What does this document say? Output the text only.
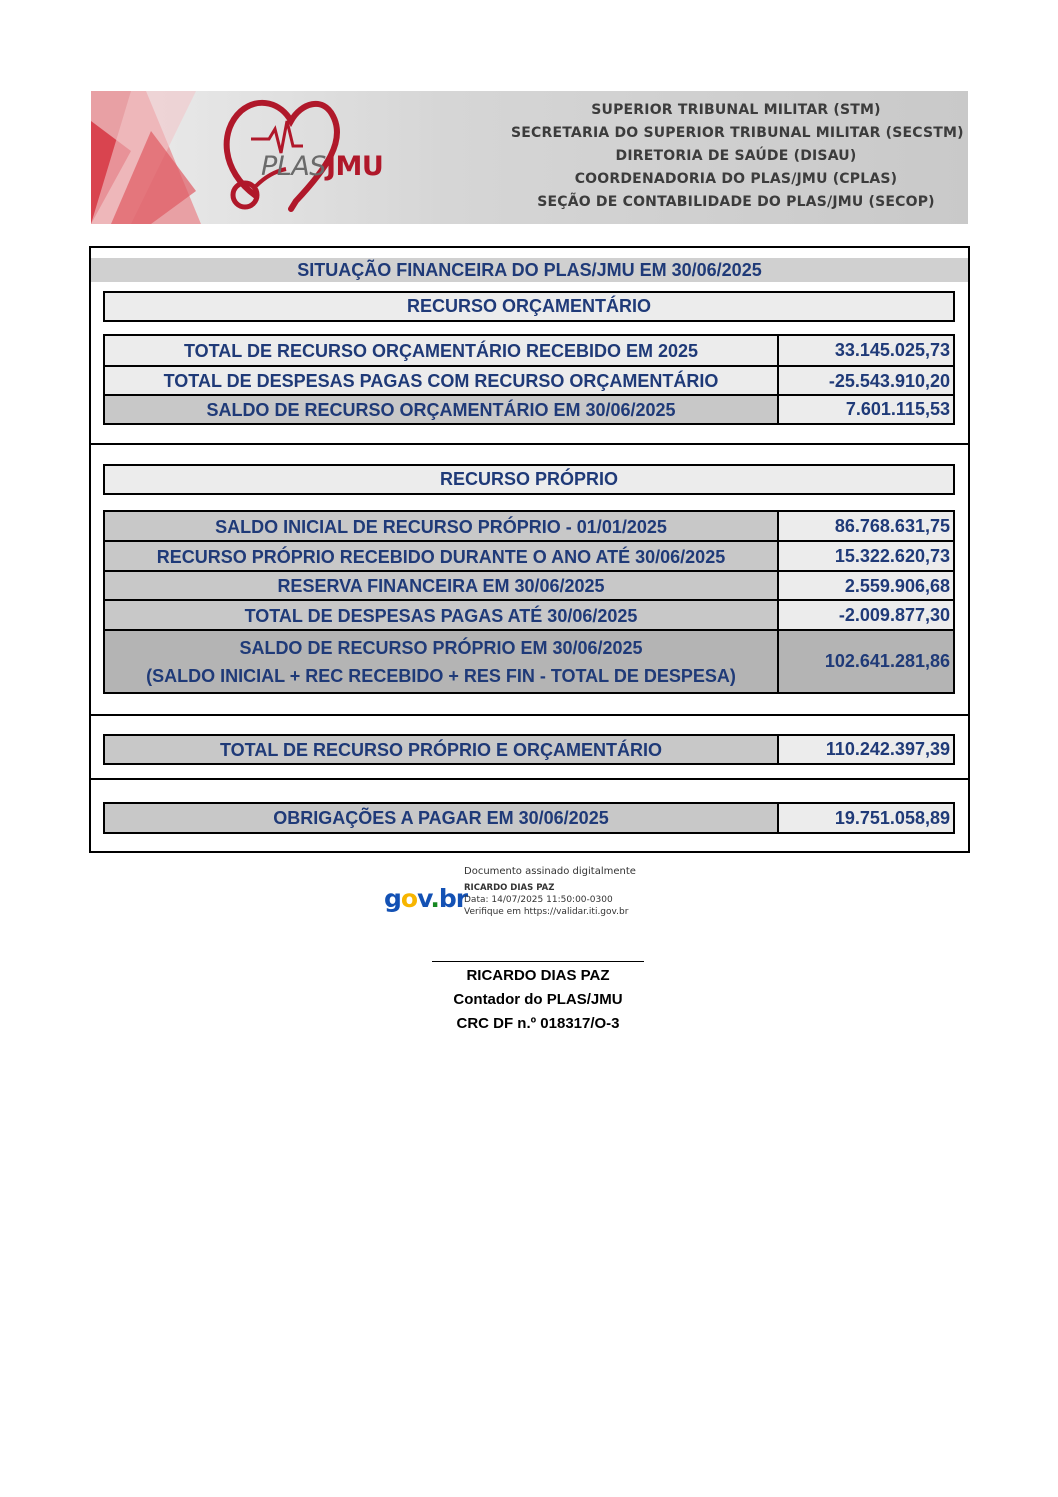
PLASJMU
SUPERIOR TRIBUNAL MILITAR (STM)
SECRETARIA DO SUPERIOR TRIBUNAL MILITAR (SECSTM)
DIRETORIA DE SAÚDE (DISAU)
COORDENADORIA DO PLAS/JMU (CPLAS)
SEÇÃO DE CONTABILIDADE DO PLAS/JMU (SECOP)
SITUAÇÃO FINANCEIRA DO PLAS/JMU EM 30/06/2025
RECURSO ORÇAMENTÁRIO
TOTAL DE RECURSO ORÇAMENTÁRIO RECEBIDO EM 2025	33.145.025,73
TOTAL DE DESPESAS PAGAS COM RECURSO ORÇAMENTÁRIO	-25.543.910,20
SALDO DE RECURSO ORÇAMENTÁRIO EM 30/06/2025	7.601.115,53
RECURSO PRÓPRIO
SALDO INICIAL DE RECURSO PRÓPRIO - 01/01/2025	86.768.631,75
RECURSO PRÓPRIO RECEBIDO DURANTE O ANO ATÉ 30/06/2025	15.322.620,73
RESERVA FINANCEIRA EM 30/06/2025	2.559.906,68
TOTAL DE DESPESAS PAGAS ATÉ 30/06/2025	-2.009.877,30
SALDO DE RECURSO PRÓPRIO EM 30/06/2025
(SALDO INICIAL + REC RECEBIDO + RES FIN - TOTAL DE DESPESA)
102.641.281,86
TOTAL DE RECURSO PRÓPRIO E ORÇAMENTÁRIO	110.242.397,39
OBRIGAÇÕES A PAGAR EM 30/06/2025	19.751.058,89
gov.br
Documento assinado digitalmente
RICARDO DIAS PAZ
Data: 14/07/2025 11:50:00-0300
Verifique em https://validar.iti.gov.br
RICARDO DIAS PAZ
Contador do PLAS/JMU
CRC DF n.º 018317/O-3
